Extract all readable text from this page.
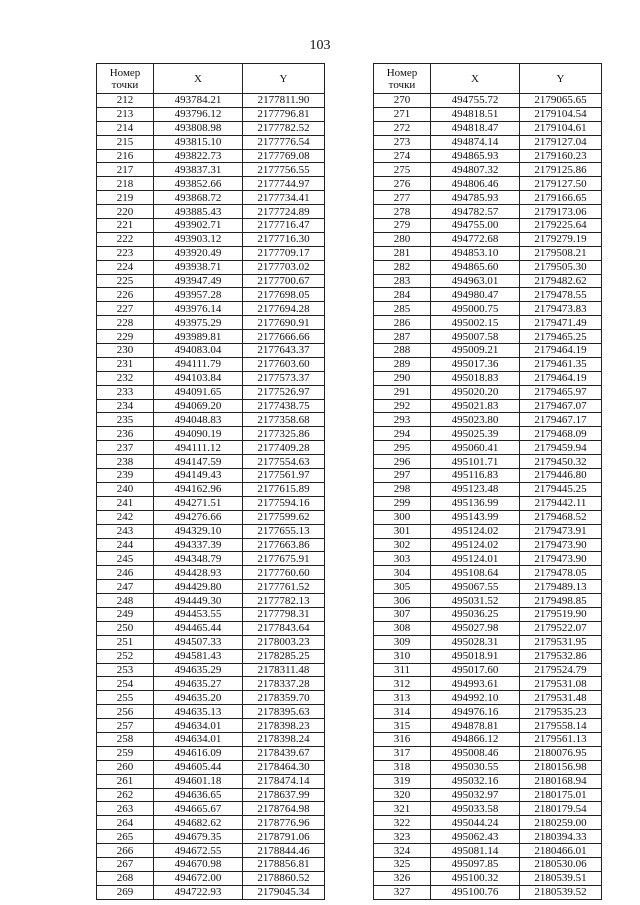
103
Номер точки	X	Y
212	493784.21	2177811.90
213	493796.12	2177796.81
214	493808.98	2177782.52
215	493815.10	2177776.54
216	493822.73	2177769.08
217	493837.31	2177756.55
218	493852.66	2177744.97
219	493868.72	2177734.41
220	493885.43	2177724.89
221	493902.71	2177716.47
222	493903.12	2177716.30
223	493920.49	2177709.17
224	493938.71	2177703.02
225	493947.49	2177700.67
226	493957.28	2177698.05
227	493976.14	2177694.28
228	493975.29	2177690.91
229	493989.81	2177666.66
230	494083.04	2177643.37
231	494111.79	2177603.60
232	494103.84	2177573.37
233	494091.65	2177526.97
234	494069.20	2177438.75
235	494048.83	2177358.68
236	494090.19	2177325.86
237	494111.12	2177409.28
238	494147.59	2177554.63
239	494149.43	2177561.97
240	494162.96	2177615.89
241	494271.51	2177594.16
242	494276.66	2177599.62
243	494329.10	2177655.13
244	494337.39	2177663.86
245	494348.79	2177675.91
246	494428.93	2177760.60
247	494429.80	2177761.52
248	494449.30	2177782.13
249	494453.55	2177798.31
250	494465.44	2177843.64
251	494507.33	2178003.23
252	494581.43	2178285.25
253	494635.29	2178311.48
254	494635.27	2178337.28
255	494635.20	2178359.70
256	494635.13	2178395.63
257	494634.01	2178398.23
258	494634.01	2178398.24
259	494616.09	2178439.67
260	494605.44	2178464.30
261	494601.18	2178474.14
262	494636.65	2178637.99
263	494665.67	2178764.98
264	494682.62	2178776.96
265	494679.35	2178791.06
266	494672.55	2178844.46
267	494670.98	2178856.81
268	494672.00	2178860.52
269	494722.93	2179045.34
Номер точки	X	Y
270	494755.72	2179065.65
271	494818.51	2179104.54
272	494818.47	2179104.61
273	494874.14	2179127.04
274	494865.93	2179160.23
275	494807.32	2179125.86
276	494806.46	2179127.50
277	494785.93	2179166.65
278	494782.57	2179173.06
279	494755.00	2179225.64
280	494772.68	2179279.19
281	494853.10	2179508.21
282	494865.60	2179505.30
283	494963.01	2179482.62
284	494980.47	2179478.55
285	495000.75	2179473.83
286	495002.15	2179471.49
287	495007.58	2179465.25
288	495009.21	2179464.19
289	495017.36	2179461.35
290	495018.83	2179464.19
291	495020.20	2179465.97
292	495021.83	2179467.07
293	495023.80	2179467.17
294	495025.39	2179468.09
295	495060.41	2179459.94
296	495101.71	2179450.32
297	495116.83	2179446.80
298	495123.48	2179445.25
299	495136.99	2179442.11
300	495143.99	2179468.52
301	495124.02	2179473.91
302	495124.02	2179473.90
303	495124.01	2179473.90
304	495108.64	2179478.05
305	495067.55	2179489.13
306	495031.52	2179498.85
307	495036.25	2179519.90
308	495027.98	2179522.07
309	495028.31	2179531.95
310	495018.91	2179532.86
311	495017.60	2179524.79
312	494993.61	2179531.08
313	494992.10	2179531.48
314	494976.16	2179535.23
315	494878.81	2179558.14
316	494866.12	2179561.13
317	495008.46	2180076.95
318	495030.55	2180156.98
319	495032.16	2180168.94
320	495032.97	2180175.01
321	495033.58	2180179.54
322	495044.24	2180259.00
323	495062.43	2180394.33
324	495081.14	2180466.01
325	495097.85	2180530.06
326	495100.32	2180539.51
327	495100.76	2180539.52
